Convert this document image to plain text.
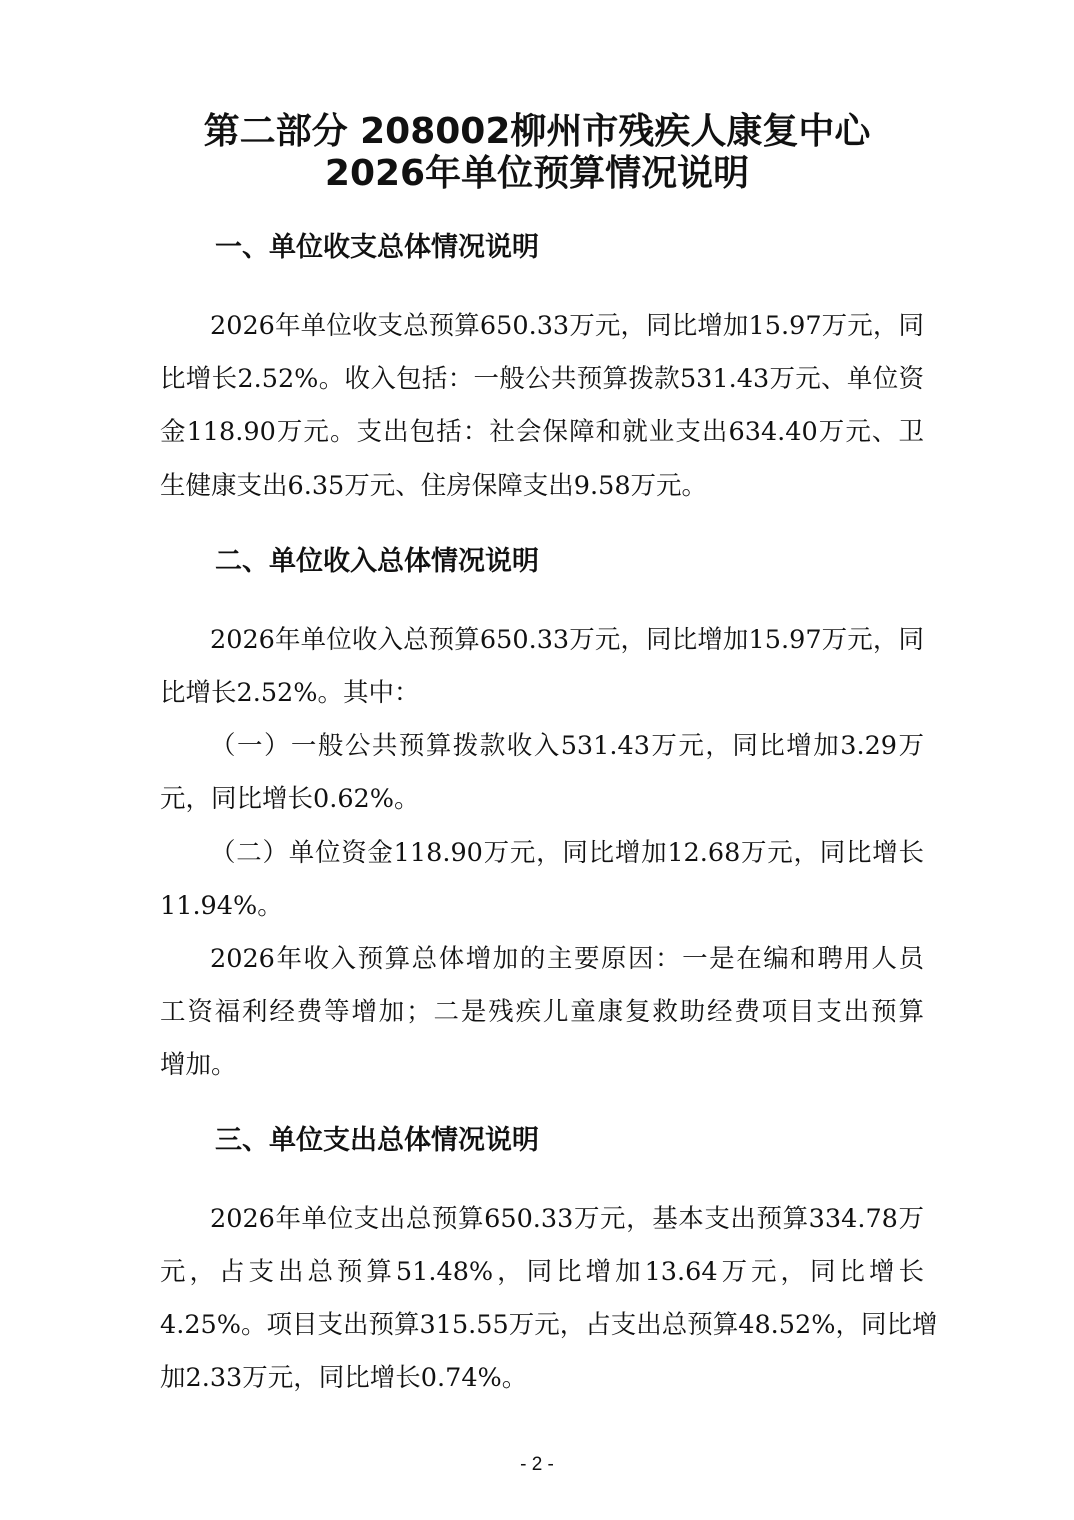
第二部分 208002柳州市残疾人康复中心
2026年单位预算情况说明
一、单位收支总体情况说明

2026年单位收支总预算650.33万元，同比增加15.97万元，同

比增长2.52%。收入包括：一般公共预算拨款531.43万元、单位资

金118.90万元。支出包括：社会保障和就业支出634.40万元、卫

生健康支出6.35万元、住房保障支出9.58万元。

二、单位收入总体情况说明

2026年单位收入总预算650.33万元，同比增加15.97万元，同

比增长2.52%。其中：

（一）一般公共预算拨款收入531.43万元，同比增加3.29万

元，同比增长0.62%。

（二）单位资金118.90万元，同比增加12.68万元，同比增长

11.94%。

2026年收入预算总体增加的主要原因：一是在编和聘用人员

工资福利经费等增加；二是残疾儿童康复救助经费项目支出预算

增加。

三、单位支出总体情况说明

2026年单位支出总预算650.33万元，基本支出预算334.78万

元，占支出总预算51.48%，同比增加13.64万元，同比增长

4.25%。项目支出预算315.55万元，占支出总预算48.52%，同比增

加2.33万元，同比增长0.74%。

- 2 -
